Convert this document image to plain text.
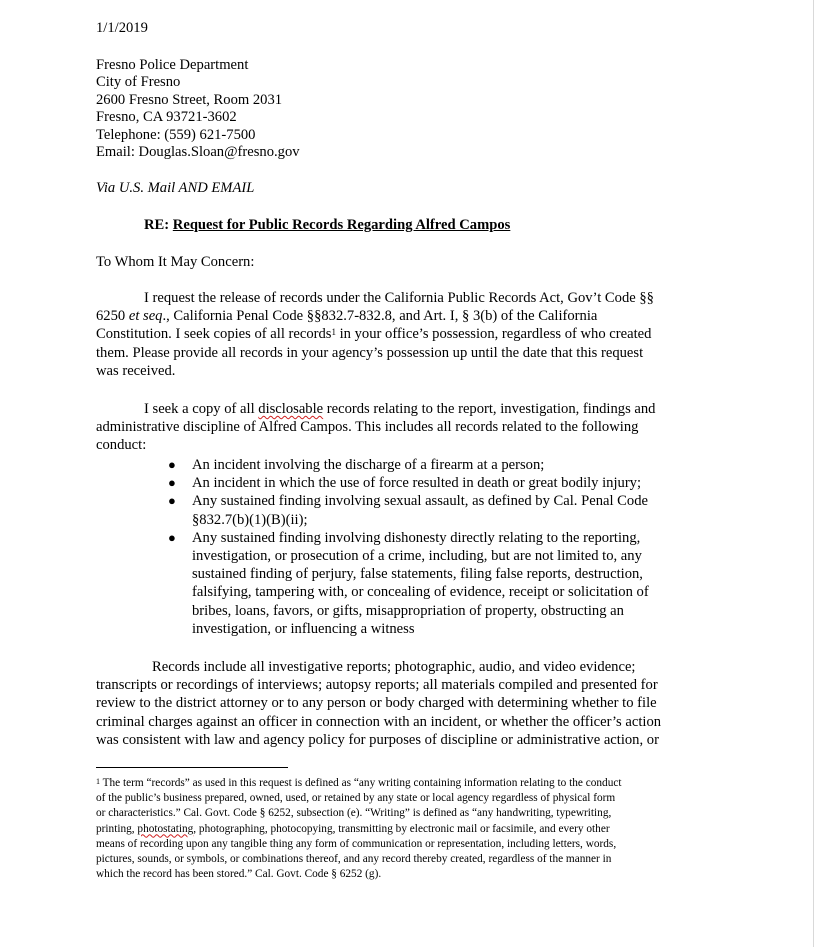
1/1/2019
Fresno Police Department
City of Fresno
2600 Fresno Street, Room 2031
Fresno, CA 93721-3602
Telephone: (559) 621-7500
Email: Douglas.Sloan@fresno.gov
Via U.S. Mail AND EMAIL
RE: Request for Public Records Regarding Alfred Campos
To Whom It May Concern:
I request the release of records under the California Public Records Act, Gov’t Code §§
6250 et seq., California Penal Code §§832.7-832.8, and Art. I, § 3(b) of the California
Constitution. I seek copies of all records$^1$ in your office’s possession, regardless of who created
them. Please provide all records in your agency’s possession up until the date that this request
was received.
I seek a copy of all disclosable records relating to the report, investigation, findings and
administrative discipline of Alfred Campos. This includes all records related to the following
conduct:
● An incident involving the discharge of a firearm at a person;
● An incident in which the use of force resulted in death or great bodily injury;
● Any sustained finding involving sexual assault, as defined by Cal. Penal Code
§832.7(b)(1)(B)(ii);
● Any sustained finding involving dishonesty directly relating to the reporting,
investigation, or prosecution of a crime, including, but are not limited to, any
sustained finding of perjury, false statements, filing false reports, destruction,
falsifying, tampering with, or concealing of evidence, receipt or solicitation of
bribes, loans, favors, or gifts, misappropriation of property, obstructing an
investigation, or influencing a witness
Records include all investigative reports; photographic, audio, and video evidence;
transcripts or recordings of interviews; autopsy reports; all materials compiled and presented for
review to the district attorney or to any person or body charged with determining whether to file
criminal charges against an officer in connection with an incident, or whether the officer’s action
was consistent with law and agency policy for purposes of discipline or administrative action, or
$^1$ The term “records” as used in this request is defined as “any writing containing information relating to the conduct
of the public’s business prepared, owned, used, or retained by any state or local agency regardless of physical form
or characteristics.” Cal. Govt. Code § 6252, subsection (e). “Writing” is defined as “any handwriting, typewriting,
printing, photostating, photographing, photocopying, transmitting by electronic mail or facsimile, and every other
means of recording upon any tangible thing any form of communication or representation, including letters, words,
pictures, sounds, or symbols, or combinations thereof, and any record thereby created, regardless of the manner in
which the record has been stored.” Cal. Govt. Code § 6252 (g).
